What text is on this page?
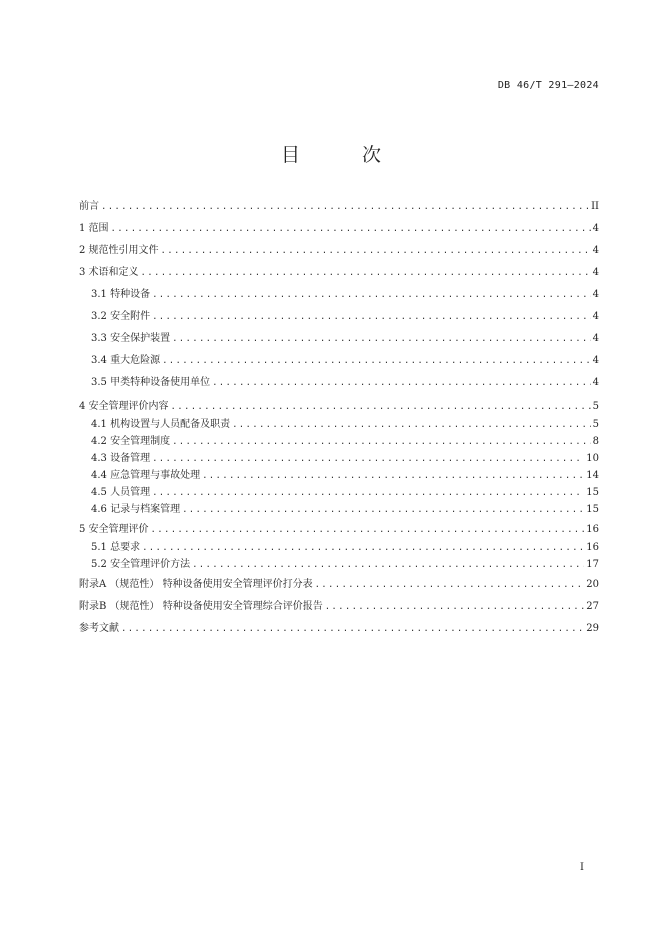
DB 46/T 291—2024
目 次
前言 .....	II
1 范围 .....	4
2 规范性引用文件 .....	4
3 术语和定义 .....	4
3.1 特种设备 .....	4
3.2 安全附件 .....	4
3.3 安全保护装置 .....	4
3.4 重大危险源 .....	4
3.5 甲类特种设备使用单位 .....	4
4 安全管理评价内容 .....	5
4.1 机构设置与人员配备及职责 .....	5
4.2 安全管理制度 .....	8
4.3 设备管理 .....	10
4.4 应急管理与事故处理 .....	14
4.5 人员管理 .....	15
4.6 记录与档案管理 .....	15
5 安全管理评价 .....	16
5.1 总要求 .....	16
5.2 安全管理评价方法 .....	17
附录A （规范性） 特种设备使用安全管理评价打分表 .....	20
附录B （规范性） 特种设备使用安全管理综合评价报告 .....	27
参考文献 .....	29
I
